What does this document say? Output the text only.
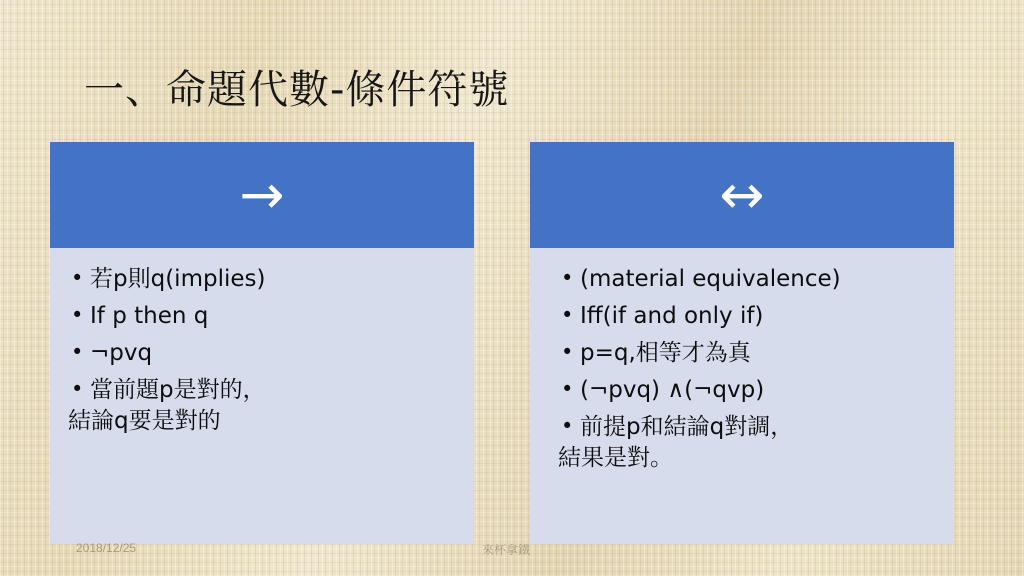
一、命題代數-條件符號
→
• 若p則q(implies)
• If p then q
• ¬pvq
• 當前題p是對的，
結論q要是對的
↔
• (material equivalence)
• Iff(if and only if)
• p=q,相等才為真
• (¬pvq) ∧(¬qvp)
• 前提p和結論q對調，
結果是對。
2018/12/25	來杯拿鐵
